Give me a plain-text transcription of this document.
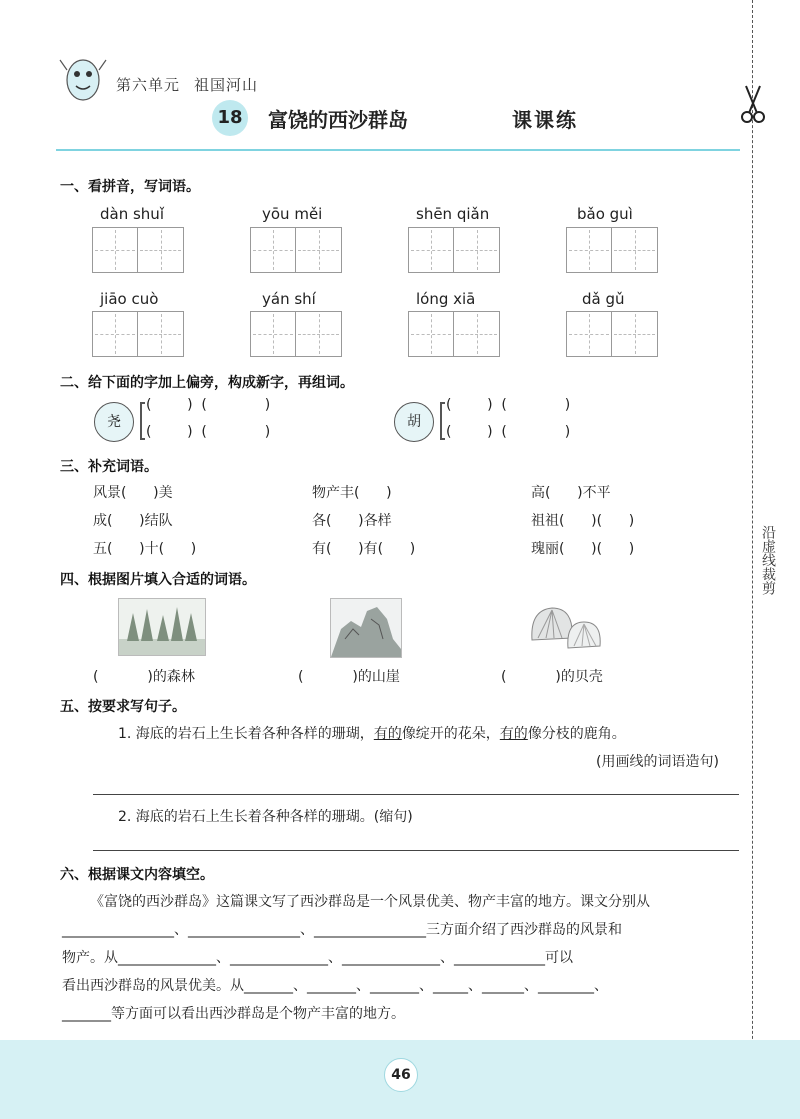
第六单元 祖国河山
18 富饶的西沙群岛	课课练
沿虚线裁剪
一、看拼音，写词语。
dàn shuǐ	yōu měi	shēn qiǎn	bǎo guì
jiāo cuò	yán shí	lóng xiā	dǎ gǔ
二、给下面的字加上偏旁，构成新字，再组词。
尧
(        )  (             )
(        )  (             )
胡
(        )  (             )
(        )  (             )
三、补充词语。
风景(      )美	物产丰(      )	高(      )不平
成(      )结队	各(      )各样	祖祖(      )(      )
五(      )十(      )	有(      )有(      )	瑰丽(      )(      )
四、根据图片填入合适的词语。
(           )的森林	(           )的山崖	(           )的贝壳
五、按要求写句子。
1. 海底的岩石上生长着各种各样的珊瑚，有的像绽开的花朵，有的像分枝的鹿角。
(用画线的词语造句)
2. 海底的岩石上生长着各种各样的珊瑚。(缩句)
六、根据课文内容填空。
《富饶的西沙群岛》这篇课文写了西沙群岛是一个风景优美、物产丰富的地方。课文分别从
________________、________________、________________三方面介绍了西沙群岛的风景和
物产。从______________、______________、______________、_____________可以
看出西沙群岛的风景优美。从_______、_______、_______、_____、______、________、
_______等方面可以看出西沙群岛是个物产丰富的地方。
46
